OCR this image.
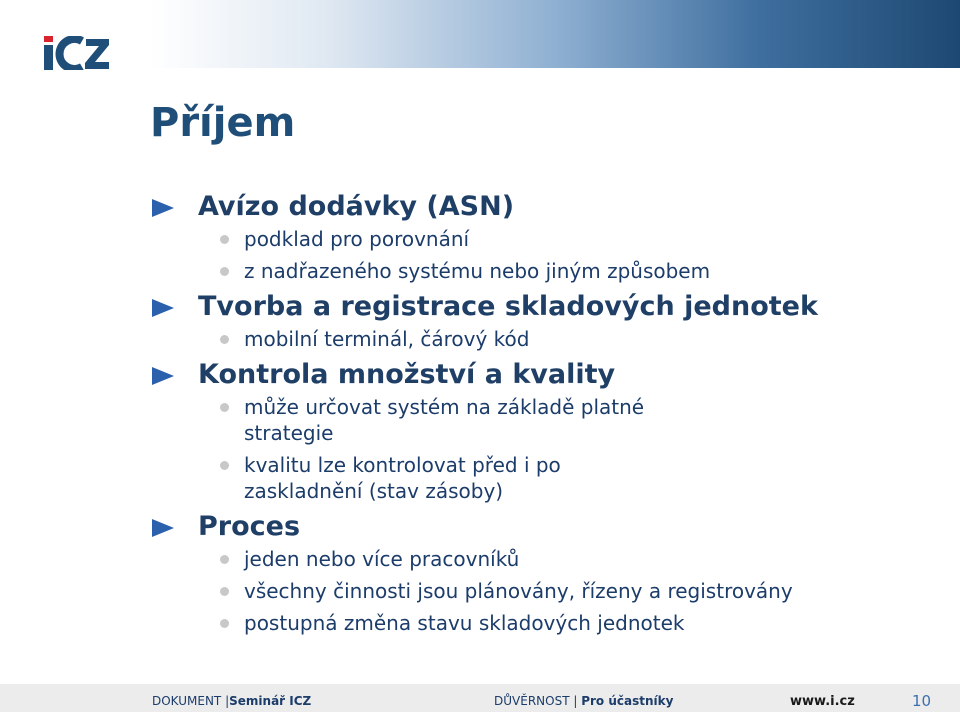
Příjem
Avízo dodávky (ASN)
podklad pro porovnání
z nadřazeného systému nebo jiným způsobem
Tvorba a registrace skladových jednotek
mobilní terminál, čárový kód
Kontrola množství a kvality
může určovat systém na základě platné strategie
kvalitu lze kontrolovat před i po zaskladnění (stav zásoby)
Proces
jeden nebo více pracovníků
všechny činnosti jsou plánovány, řízeny a registrovány
postupná změna stavu skladových jednotek
DOKUMENT |Seminář ICZ	DŮVĚRNOST | Pro účastníky	www.i.cz	10
